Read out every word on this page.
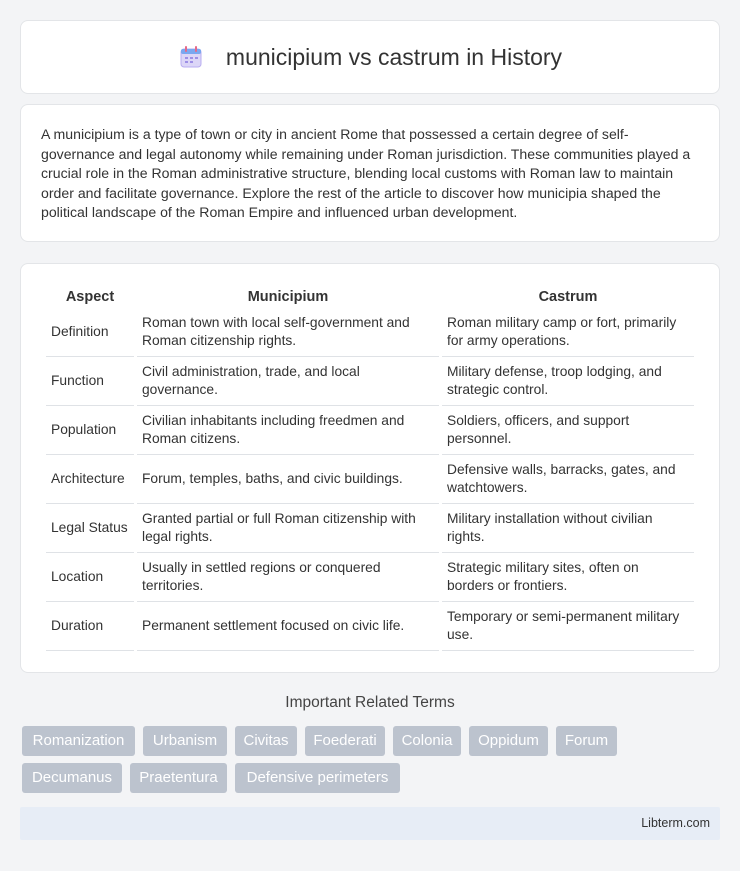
municipium vs castrum in History

A municipium is a type of town or city in ancient Rome that possessed a certain degree of self-governance and legal autonomy while remaining under Roman jurisdiction. These communities played a crucial role in the Roman administrative structure, blending local customs with Roman law to maintain order and facilitate governance. Explore the rest of the article to discover how municipia shaped the political landscape of the Roman Empire and influenced urban development.

Aspect	Municipium	Castrum
Definition	Roman town with local self-government and Roman citizenship rights.	Roman military camp or fort, primarily for army operations.
Function	Civil administration, trade, and local governance.	Military defense, troop lodging, and strategic control.
Population	Civilian inhabitants including freedmen and Roman citizens.	Soldiers, officers, and support personnel.
Architecture	Forum, temples, baths, and civic buildings.	Defensive walls, barracks, gates, and watchtowers.
Legal Status	Granted partial or full Roman citizenship with legal rights.	Military installation without civilian rights.
Location	Usually in settled regions or conquered territories.	Strategic military sites, often on borders or frontiers.
Duration	Permanent settlement focused on civic life.	Temporary or semi-permanent military use.
Important Related Terms
Romanization	Urbanism	Civitas	Foederati	Colonia	Oppidum	Forum
Decumanus	Praetentura	Defensive perimeters
Libterm.com
